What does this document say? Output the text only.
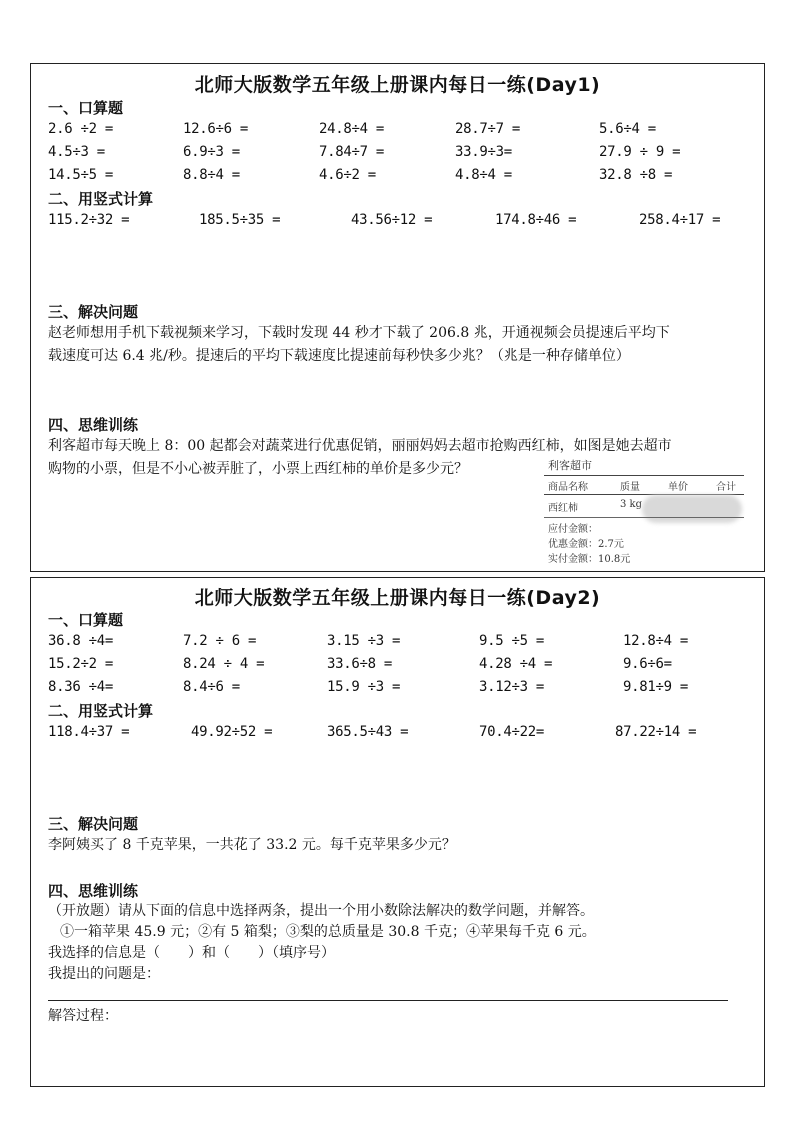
北师大版数学五年级上册课内每日一练(Day1)
一、口算题
2.6 ÷2 =	12.6÷6 =	24.8÷4 =	28.7÷7 =	5.6÷4 =
4.5÷3 =	6.9÷3 =	7.84÷7 =	33.9÷3=	27.9 ÷ 9 =
14.5÷5 =	8.8÷4 =	4.6÷2 =	4.8÷4 =	32.8 ÷8 =
二、用竖式计算
115.2÷32 =	185.5÷35 =	43.56÷12 =	174.8÷46 =	258.4÷17 =
三、解决问题
赵老师想用手机下载视频来学习，下载时发现 44 秒才下载了 206.8 兆，开通视频会员提速后平均下
载速度可达 6.4 兆/秒。提速后的平均下载速度比提速前每秒快多少兆？（兆是一种存储单位）
四、思维训练
利客超市每天晚上 8：00 起都会对蔬菜进行优惠促销，丽丽妈妈去超市抢购西红柿，如图是她去超市
购物的小票，但是不小心被弄脏了，小票上西红柿的单价是多少元？	利客超市
商品名称	质量	单价	合计
西红柿	3 kg
应付金额：
优惠金额：2.7元
实付金额：10.8元
北师大版数学五年级上册课内每日一练(Day2)
一、口算题
36.8 ÷4=	7.2 ÷ 6 =	3.15 ÷3 =	9.5 ÷5 =	12.8÷4 =
15.2÷2 =	8.24 ÷ 4 =	33.6÷8 =	4.28 ÷4 =	9.6÷6=
8.36 ÷4=	8.4÷6 =	15.9 ÷3 =	3.12÷3 =	9.81÷9 =
二、用竖式计算
118.4÷37 =	49.92÷52 =	365.5÷43 =	70.4÷22=	87.22÷14 =
三、解决问题
李阿姨买了 8 千克苹果，一共花了 33.2 元。每千克苹果多少元？
四、思维训练
（开放题）请从下面的信息中选择两条，提出一个用小数除法解决的数学问题，并解答。
①一箱苹果 45.9 元；②有 5 箱梨；③梨的总质量是 30.8 千克；④苹果每千克 6 元。
我选择的信息是（　　）和（　　）（填序号）
我提出的问题是：
解答过程：
